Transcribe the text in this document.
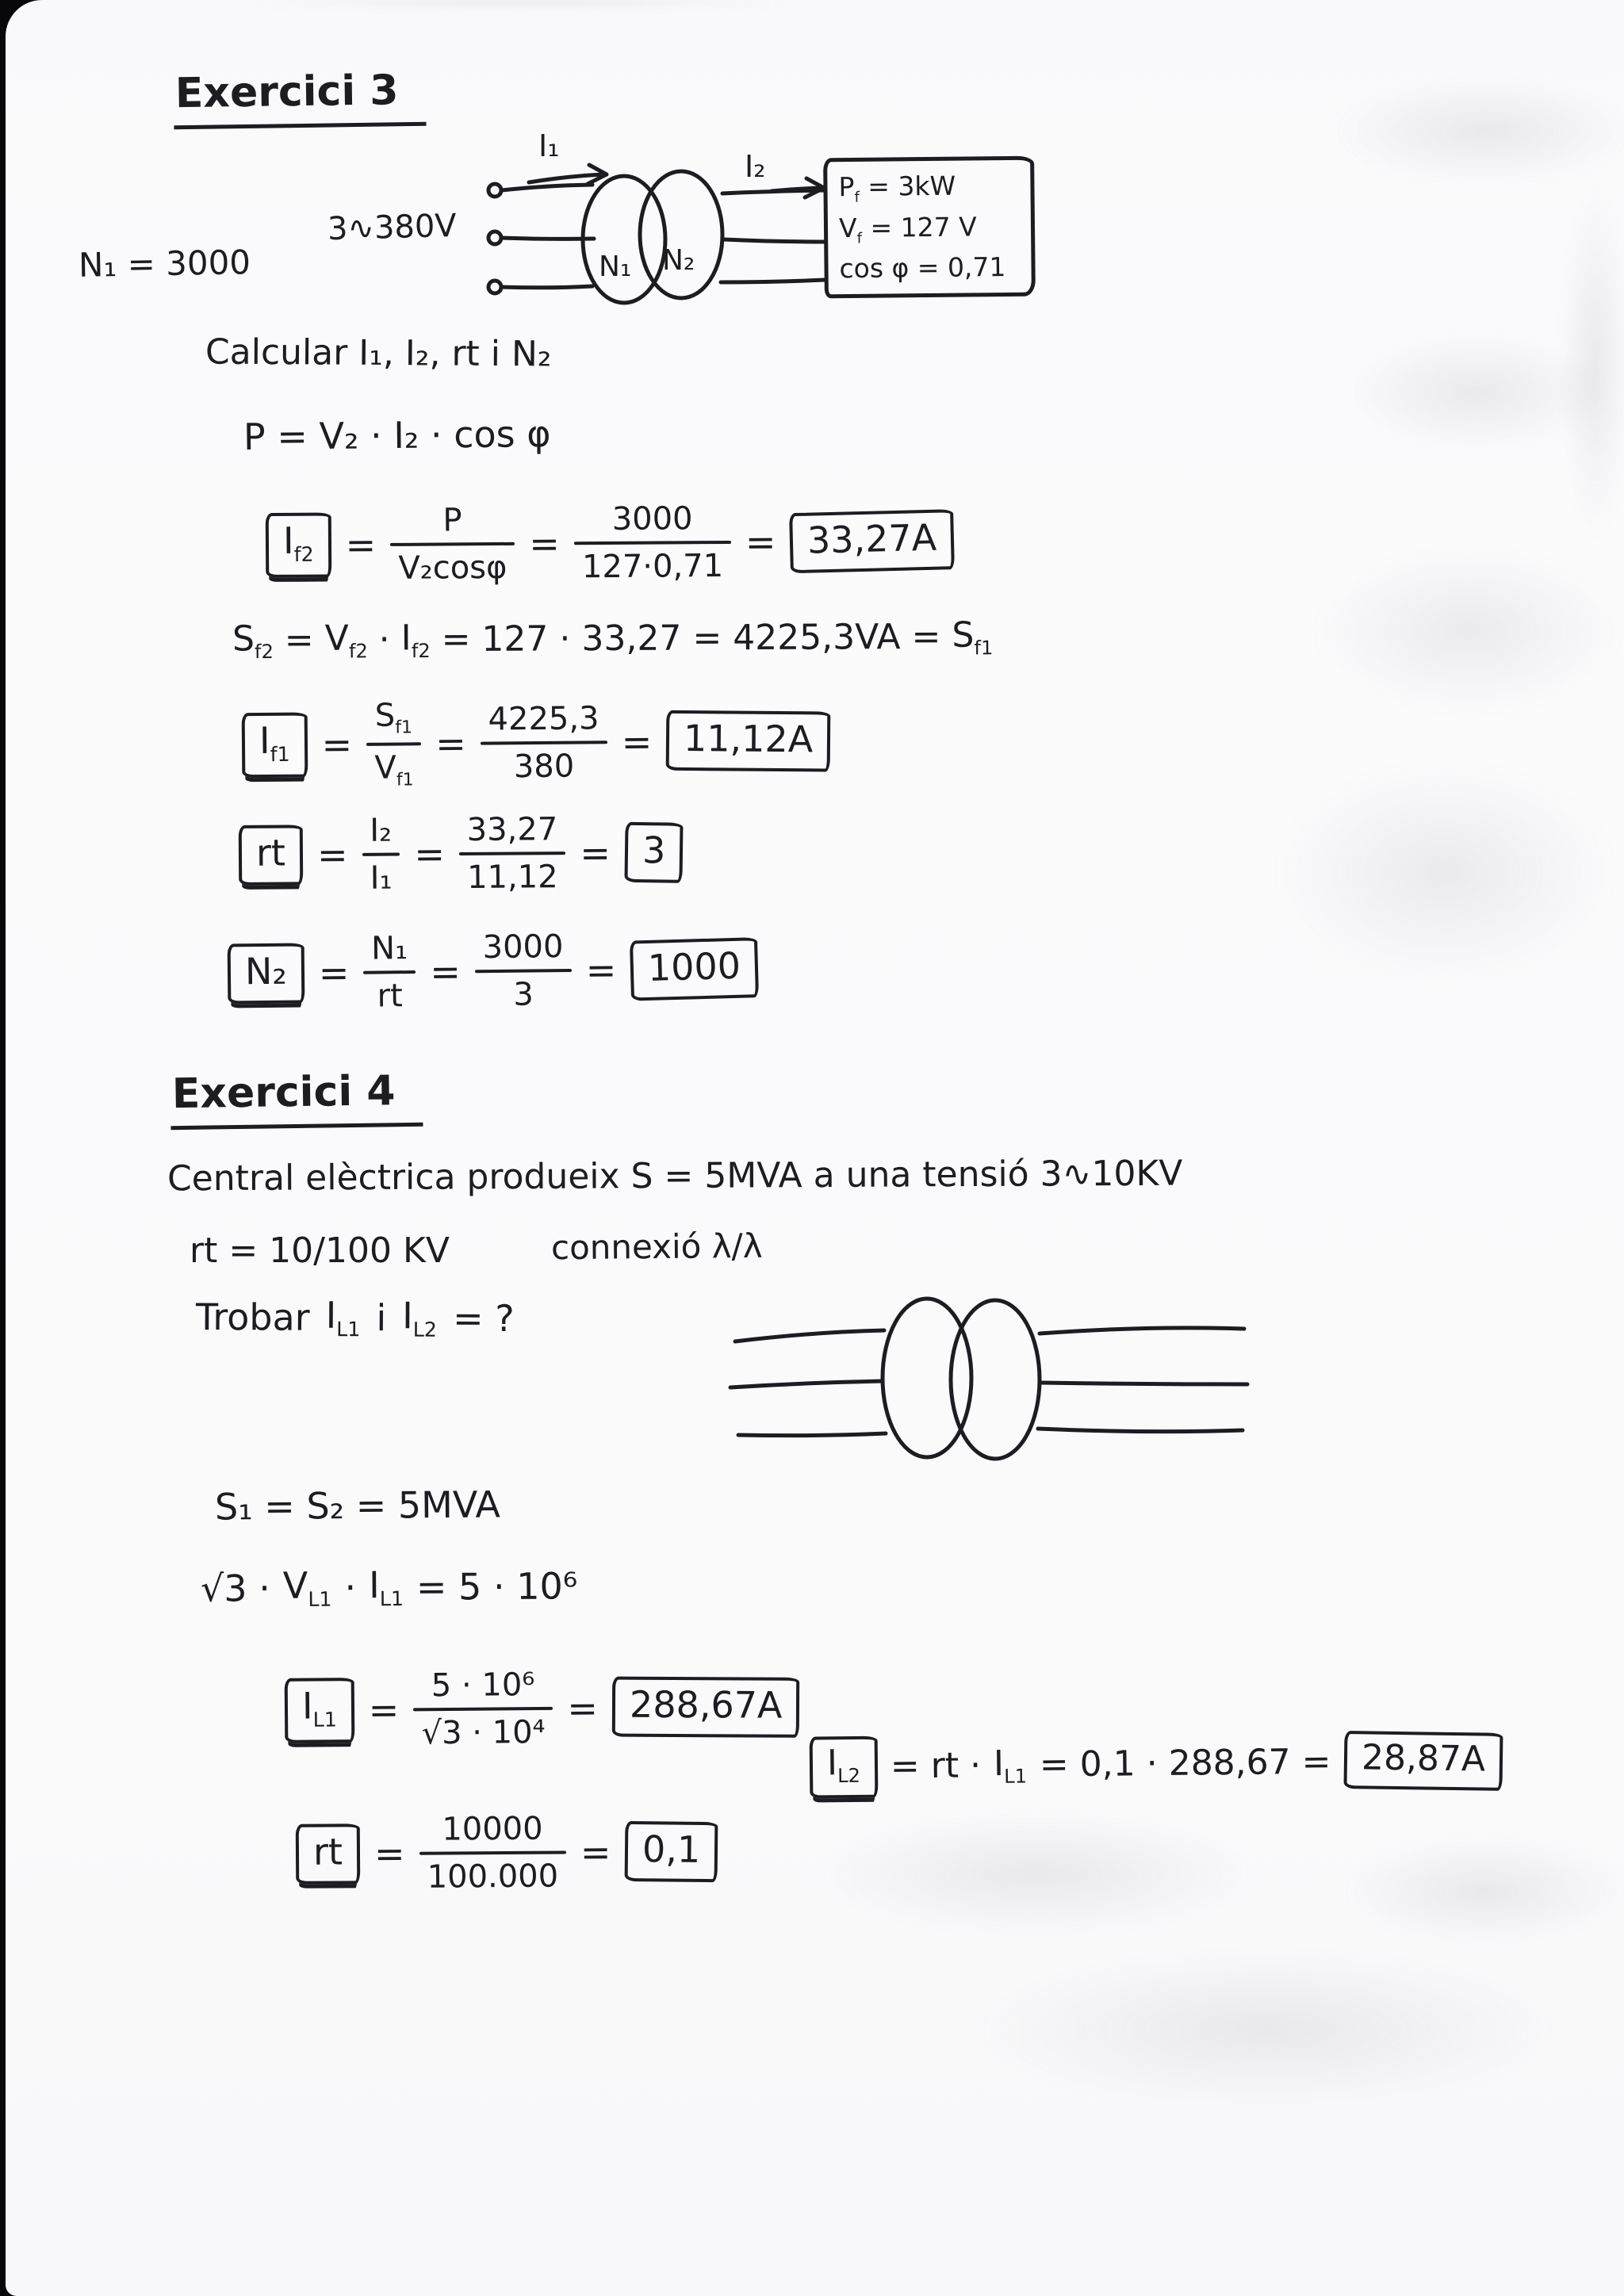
Exercici 3
N₁ = 3000
3∿380V
I₁
I₂
N₁ N₂
$P_f = 3kW$
$V_f = 127$ V
cos φ = 0,71
Calcular I₁, I₂, rt i N₂
P = V₂ · I₂ · cos φ
$I_{f2}$ =
P
V₂cosφ
=
3000
127·0,71
= 33,27A
$S_{f2} = V_{f2} \cdot I_{f2} = 127 \cdot 33,27 = 4225,3VA = S_{f1}$
$I_{f1}$ =
$S_{f1}$
$V_{f1}$
=
4225,3
380
= 11,12A
rt =
I₂
I₁
=
33,27
11,12
= 3
N₂ =
N₁
rt
=
3000
3
= 1000
Exercici 4
Central elèctrica produeix S = 5MVA a una tensió 3∿10KV
rt = 10/100 KV	connexió λ/λ
Trobar $I_{L1}$ i $I_{L2}$ = ?
S₁ = S₂ = 5MVA
$√3 \cdot V_{L1} \cdot I_{L1} = 5 \cdot 10^6$
$I_{L1}$ =
5 · 10⁶
√3 · 10⁴
= 288,67A
rt =
10000
100.000
= 0,1
$I_{L2}$ = rt · $I_{L1} = 0,1 \cdot 288,67 = 28,87A$
